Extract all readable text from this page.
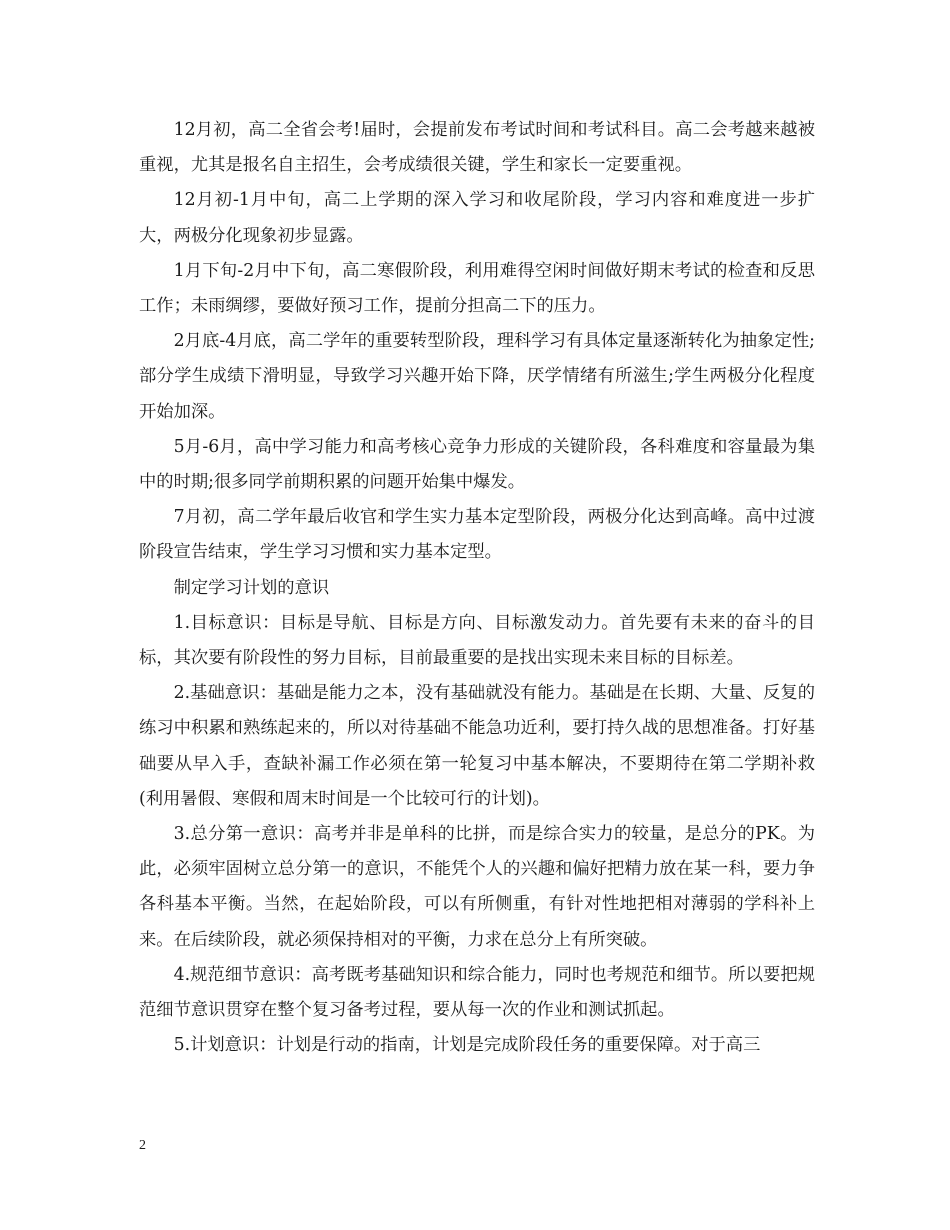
12月初，高二全省会考!届时，会提前发布考试时间和考试科目。高二会考越来越被重视，尤其是报名自主招生，会考成绩很关键，学生和家长一定要重视。

12月初-1月中旬，高二上学期的深入学习和收尾阶段，学习内容和难度进一步扩大，两极分化现象初步显露。

1月下旬-2月中下旬，高二寒假阶段，利用难得空闲时间做好期末考试的检查和反思工作；未雨绸缪，要做好预习工作，提前分担高二下的压力。

2月底-4月底，高二学年的重要转型阶段，理科学习有具体定量逐渐转化为抽象定性;部分学生成绩下滑明显，导致学习兴趣开始下降，厌学情绪有所滋生;学生两极分化程度开始加深。

5月-6月，高中学习能力和高考核心竞争力形成的关键阶段，各科难度和容量最为集中的时期;很多同学前期积累的问题开始集中爆发。

7月初，高二学年最后收官和学生实力基本定型阶段，两极分化达到高峰。高中过渡阶段宣告结束，学生学习习惯和实力基本定型。

制定学习计划的意识

1.目标意识：目标是导航、目标是方向、目标激发动力。首先要有未来的奋斗的目标，其次要有阶段性的努力目标，目前最重要的是找出实现未来目标的目标差。

2.基础意识：基础是能力之本，没有基础就没有能力。基础是在长期、大量、反复的练习中积累和熟练起来的，所以对待基础不能急功近利，要打持久战的思想准备。打好基础要从早入手，查缺补漏工作必须在第一轮复习中基本解决，不要期待在第二学期补救(利用暑假、寒假和周末时间是一个比较可行的计划)。

3.总分第一意识：高考并非是单科的比拼，而是综合实力的较量，是总分的PK。为此，必须牢固树立总分第一的意识，不能凭个人的兴趣和偏好把精力放在某一科，要力争各科基本平衡。当然，在起始阶段，可以有所侧重，有针对性地把相对薄弱的学科补上来。在后续阶段，就必须保持相对的平衡，力求在总分上有所突破。

4.规范细节意识：高考既考基础知识和综合能力，同时也考规范和细节。所以要把规范细节意识贯穿在整个复习备考过程，要从每一次的作业和测试抓起。

5.计划意识：计划是行动的指南，计划是完成阶段任务的重要保障。对于高三

2
